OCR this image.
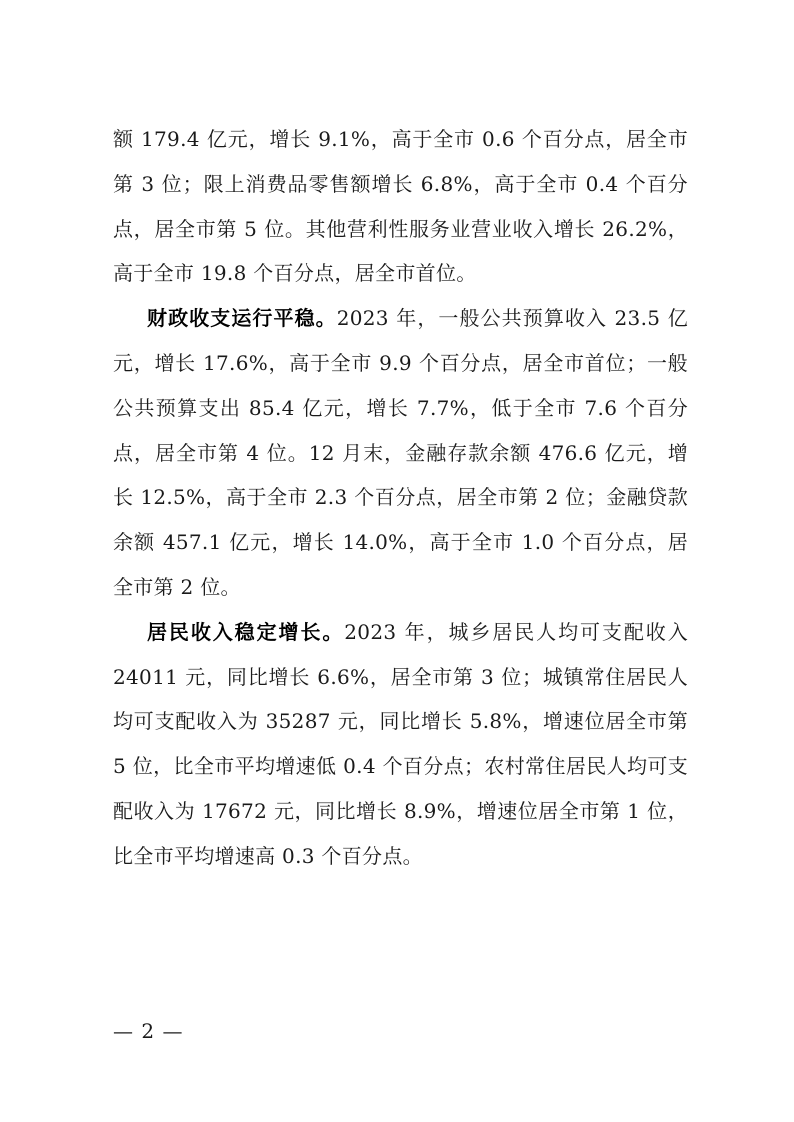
额 179.4 亿元，增长 9.1%，高于全市 0.6 个百分点，居全市第 3 位；限上消费品零售额增长 6.8%，高于全市 0.4 个百分点，居全市第 5 位。其他营利性服务业营业收入增长 26.2%，高于全市 19.8 个百分点，居全市首位。

财政收支运行平稳。2023 年，一般公共预算收入 23.5 亿元，增长 17.6%，高于全市 9.9 个百分点，居全市首位；一般公共预算支出 85.4 亿元，增长 7.7%，低于全市 7.6 个百分点，居全市第 4 位。12 月末，金融存款余额 476.6 亿元，增长 12.5%，高于全市 2.3 个百分点，居全市第 2 位；金融贷款余额 457.1 亿元，增长 14.0%，高于全市 1.0 个百分点，居全市第 2 位。

居民收入稳定增长。2023 年，城乡居民人均可支配收入 24011 元，同比增长 6.6%，居全市第 3 位；城镇常住居民人均可支配收入为 35287 元，同比增长 5.8%，增速位居全市第 5 位，比全市平均增速低 0.4 个百分点；农村常住居民人均可支配收入为 17672 元，同比增长 8.9%，增速位居全市第 1 位，比全市平均增速高 0.3 个百分点。

— 2 —
